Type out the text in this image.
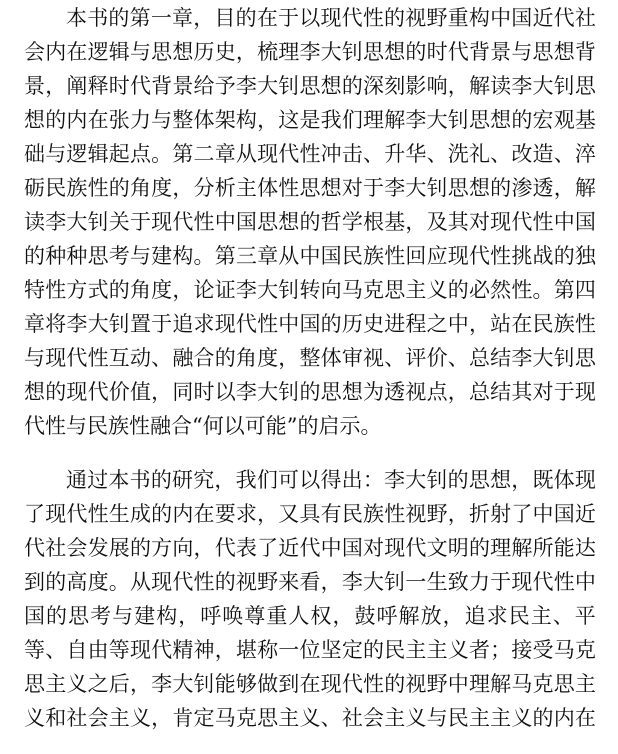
本 书 的 第 一 章 ， 目 的 在 于 以 现 代 性 的 视 野 重 构 中 国 近 代 社
会 内 在 逻 辑 与 思 想 历 史 ， 梳 理 李 大 钊 思 想 的 时 代 背 景 与 思 想 背
景 ， 阐 释 时 代 背 景 给 予 李 大 钊 思 想 的 深 刻 影 响 ， 解 读 李 大 钊 思
想 的 内 在 张 力 与 整 体 架 构 ， 这 是 我 们 理 解 李 大 钊 思 想 的 宏 观 基
础 与 逻 辑 起 点 。 第 二 章 从 现 代 性 冲 击 、 升 华 、 洗 礼 、 改 造 、 淬
砺 民 族 性 的 角 度 ， 分 析 主 体 性 思 想 对 于 李 大 钊 思 想 的 渗 透 ， 解
读 李 大 钊 关 于 现 代 性 中 国 思 想 的 哲 学 根 基 ， 及 其 对 现 代 性 中 国
的 种 种 思 考 与 建 构 。 第 三 章 从 中 国 民 族 性 回 应 现 代 性 挑 战 的 独
特 性 方 式 的 角 度 ， 论 证 李 大 钊 转 向 马 克 思 主 义 的 必 然 性 。 第 四
章 将 李 大 钊 置 于 追 求 现 代 性 中 国 的 历 史 进 程 之 中 ， 站 在 民 族 性
与 现 代 性 互 动 、 融 合 的 角 度 ， 整 体 审 视 、 评 价 、 总 结 李 大 钊 思
想 的 现 代 价 值 ， 同 时 以 李 大 钊 的 思 想 为 透 视 点 ， 总 结 其 对 于 现
代性与民族性融合“何以可能”的启示。
通 过 本 书 的 研 究 ， 我 们 可 以 得 出 ： 李 大 钊 的 思 想 ， 既 体 现
了 现 代 性 生 成 的 内 在 要 求 ， 又 具 有 民 族 性 视 野 ， 折 射 了 中 国 近
代 社 会 发 展 的 方 向 ， 代 表 了 近 代 中 国 对 现 代 文 明 的 理 解 所 能 达
到 的 高 度 。 从 现 代 性 的 视 野 来 看 ， 李 大 钊 一 生 致 力 于 现 代 性 中
国 的 思 考 与 建 构 ， 呼 唤 尊 重 人 权 ， 鼓 呼 解 放 ， 追 求 民 主 、 平
等 、 自 由 等 现 代 精 神 ， 堪 称 一 位 坚 定 的 民 主 主 义 者 ； 接 受 马 克
思 主 义 之 后 ， 李 大 钊 能 够 做 到 在 现 代 性 的 视 野 中 理 解 马 克 思 主
义 和 社 会 主 义 ， 肯 定 马 克 思 主 义 、 社 会 主 义 与 民 主 主 义 的 内 在
